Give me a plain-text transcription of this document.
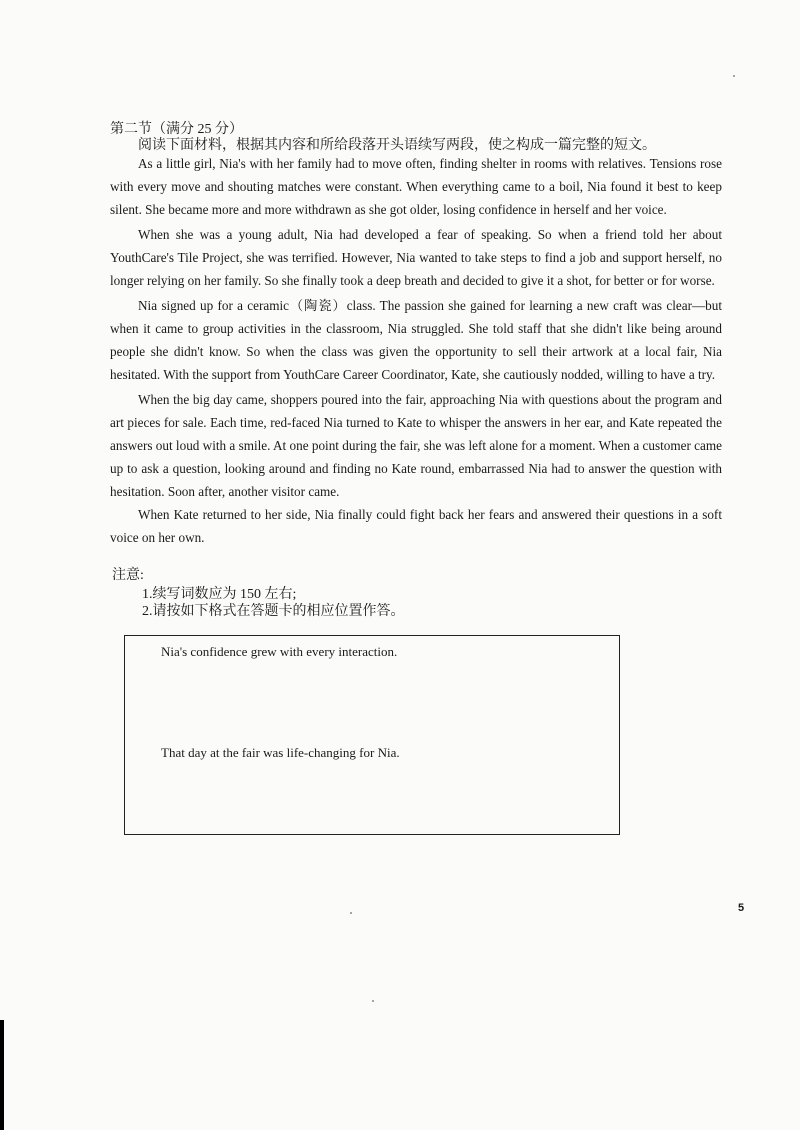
第二节（满分 25 分）

阅读下面材料，根据其内容和所给段落开头语续写两段，使之构成一篇完整的短文。

As a little girl, Nia's with her family had to move often, finding shelter in rooms with relatives. Tensions rose with every move and shouting matches were constant. When everything came to a boil, Nia found it best to keep silent. She became more and more withdrawn as she got older, losing confidence in herself and her voice.

When she was a young adult, Nia had developed a fear of speaking. So when a friend told her about YouthCare's Tile Project, she was terrified. However, Nia wanted to take steps to find a job and support herself, no longer relying on her family. So she finally took a deep breath and decided to give it a shot, for better or for worse.

Nia signed up for a ceramic（陶瓷）class. The passion she gained for learning a new craft was clear—but when it came to group activities in the classroom, Nia struggled. She told staff that she didn't like being around people she didn't know. So when the class was given the opportunity to sell their artwork at a local fair, Nia hesitated. With the support from YouthCare Career Coordinator, Kate, she cautiously nodded, willing to have a try.

When the big day came, shoppers poured into the fair, approaching Nia with questions about the program and art pieces for sale. Each time, red-faced Nia turned to Kate to whisper the answers in her ear, and Kate repeated the answers out loud with a smile. At one point during the fair, she was left alone for a moment. When a customer came up to ask a question, looking around and finding no Kate round, embarrassed Nia had to answer the question with hesitation. Soon after, another visitor came.

When Kate returned to her side, Nia finally could fight back her fears and answered their questions in a soft voice on her own.

注意:

1.续写词数应为 150 左右;

2.请按如下格式在答题卡的相应位置作答。

Nia's confidence grew with every interaction.

That day at the fair was life-changing for Nia.

5
